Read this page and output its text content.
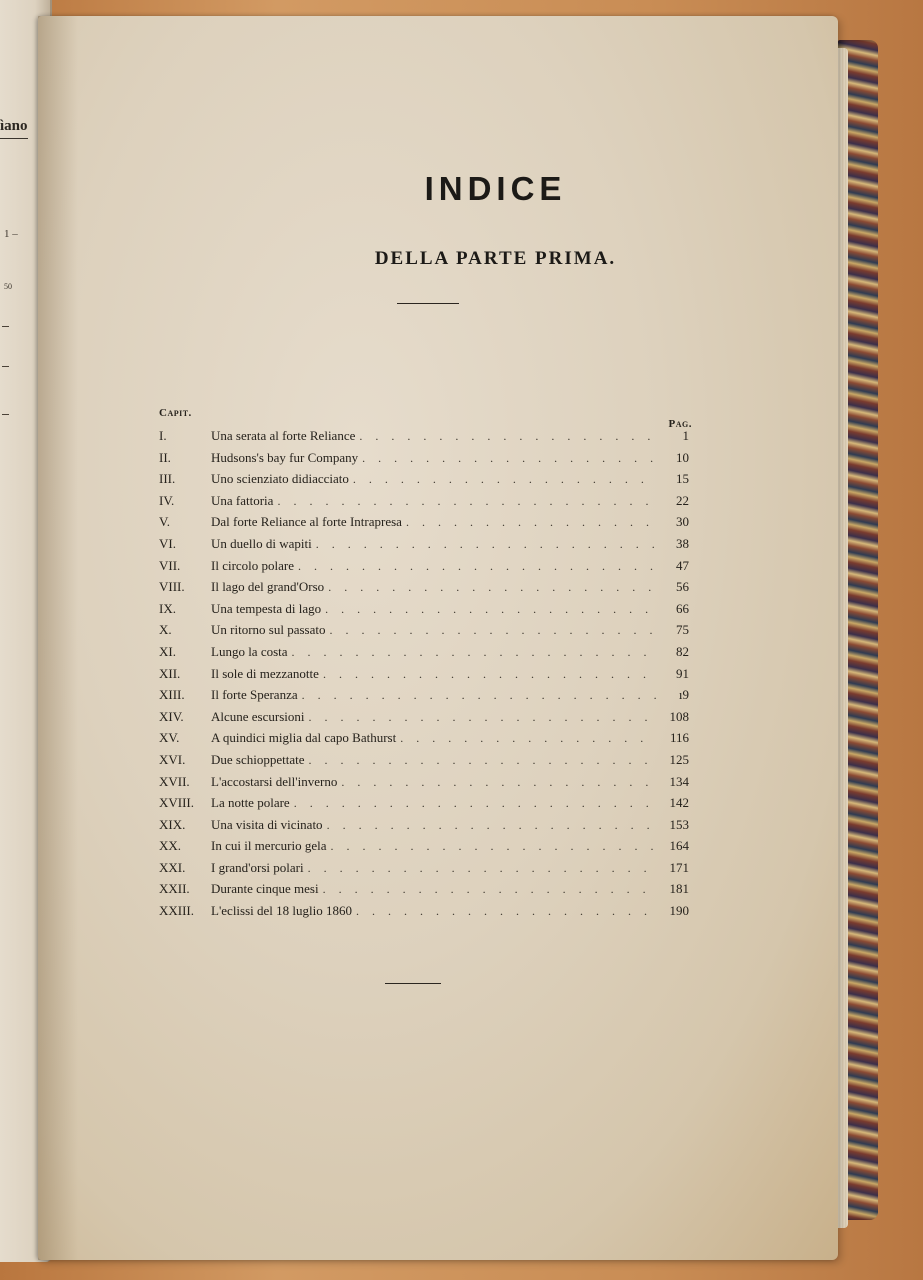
ìano
1 –
50
INDICE
DELLA PARTE PRIMA.
Capit.
Pag.
I.	Una serata al forte Reliance . . .	1
II.	Hudsons's bay fur Company . . .	10
III.	Uno scienziato didiacciato . . .	15
IV.	Una fattoria . . .	22
V.	Dal forte Reliance al forte Intrapresa . . .	30
VI.	Un duello di wapiti . . .	38
VII.	Il circolo polare . . .	47
VIII.	Il lago del grand'Orso . . .	56
IX.	Una tempesta di lago . . .	66
X.	Un ritorno sul passato . . .	75
XI.	Lungo la costa . . .	82
XII.	Il sole di mezzanotte . . .	91
XIII.	Il forte Speranza . . .	ı9
XIV.	Alcune escursioni . . .	108
XV.	A quindici miglia dal capo Bathurst . . .	116
XVI.	Due schioppettate . . .	125
XVII.	L'accostarsi dell'inverno . . .	134
XVIII.	La notte polare . . .	142
XIX.	Una visita di vicinato . . .	153
XX.	In cui il mercurio gela . . .	164
XXI.	I grand'orsi polari . . .	171
XXII.	Durante cinque mesi . . .	181
XXIII.	L'eclissi del 18 luglio 1860 . . .	190
